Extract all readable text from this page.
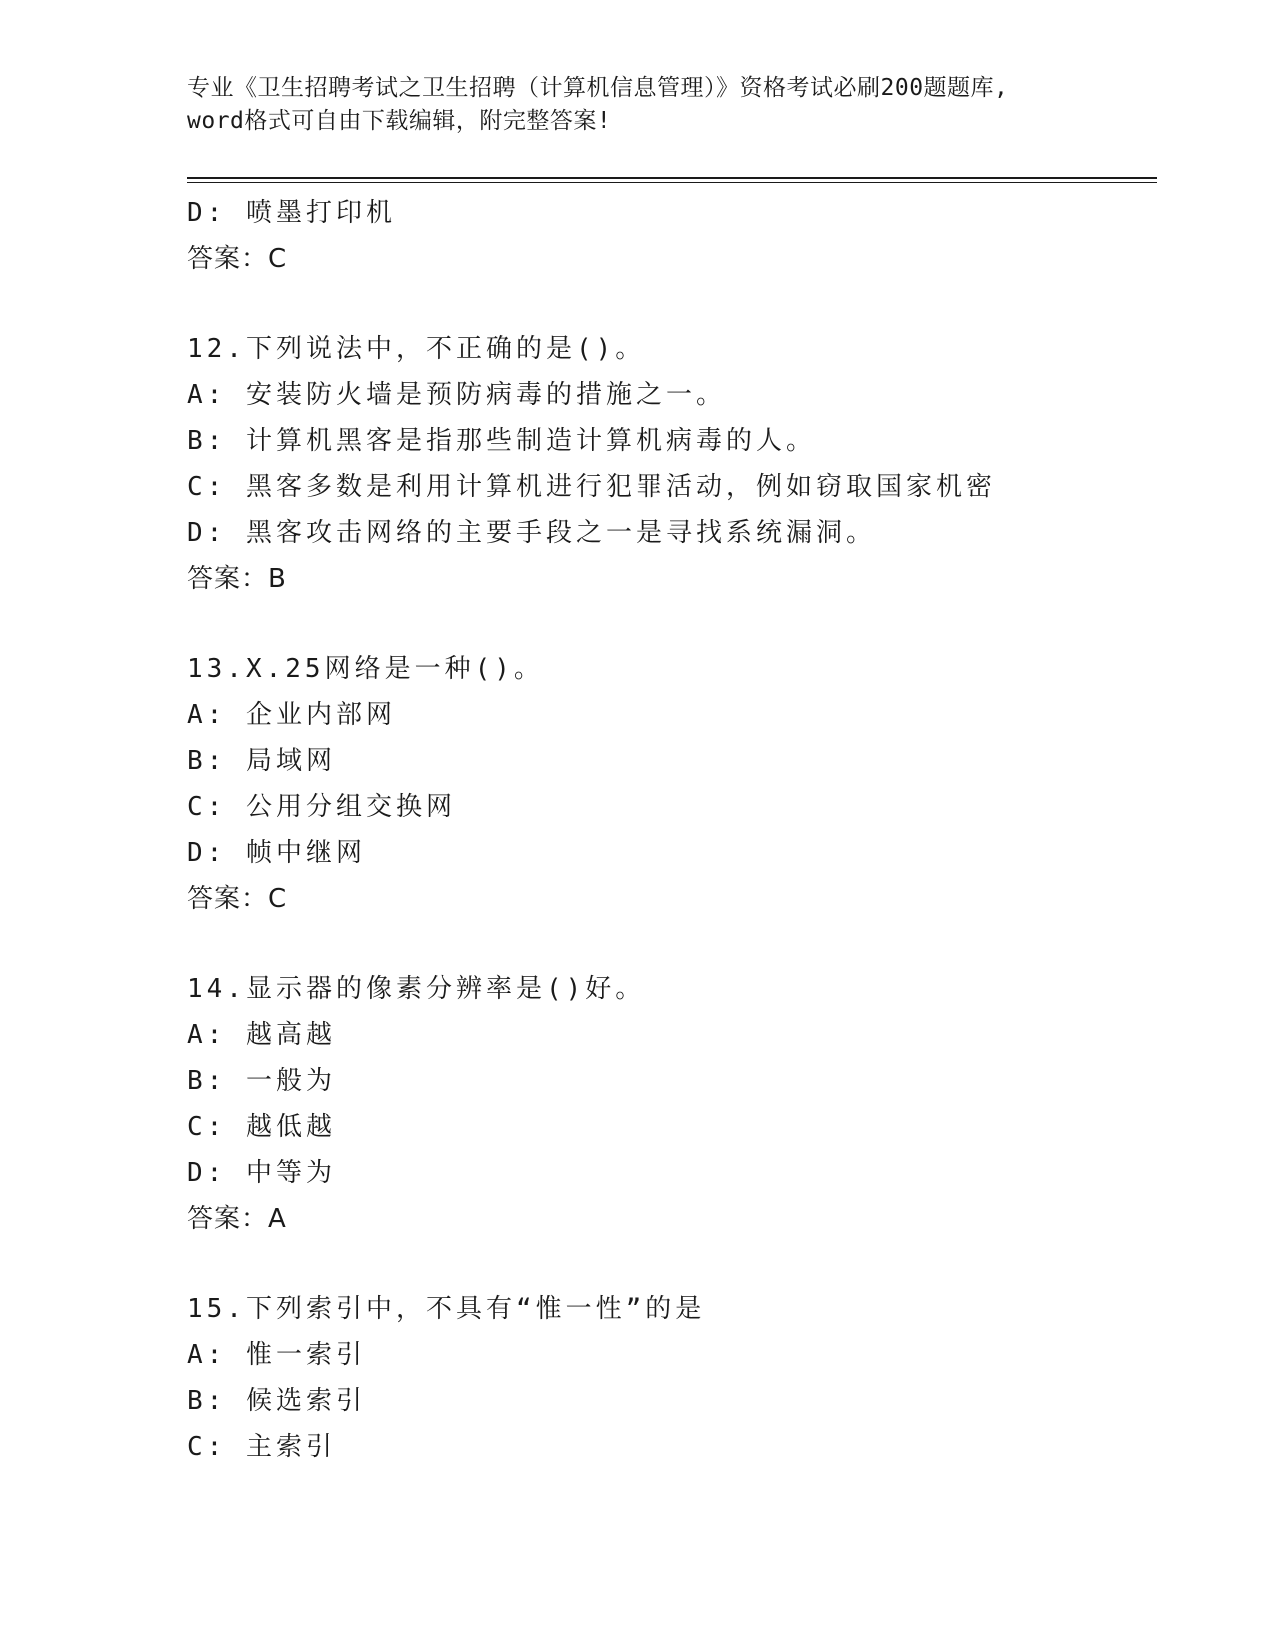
专业《卫生招聘考试之卫生招聘（计算机信息管理）》资格考试必刷200题题库,
word格式可自由下载编辑，附完整答案!
D: 喷墨打印机
答案：C
12.下列说法中，不正确的是()。
A: 安装防火墙是预防病毒的措施之一。
B: 计算机黑客是指那些制造计算机病毒的人。
C: 黑客多数是利用计算机进行犯罪活动，例如窃取国家机密
D: 黑客攻击网络的主要手段之一是寻找系统漏洞。
答案：B
13.X.25网络是一种()。
A: 企业内部网
B: 局域网
C: 公用分组交换网
D: 帧中继网
答案：C
14.显示器的像素分辨率是()好。
A: 越高越
B: 一般为
C: 越低越
D: 中等为
答案：A
15.下列索引中，不具有“惟一性”的是
A: 惟一索引
B: 候选索引
C: 主索引
